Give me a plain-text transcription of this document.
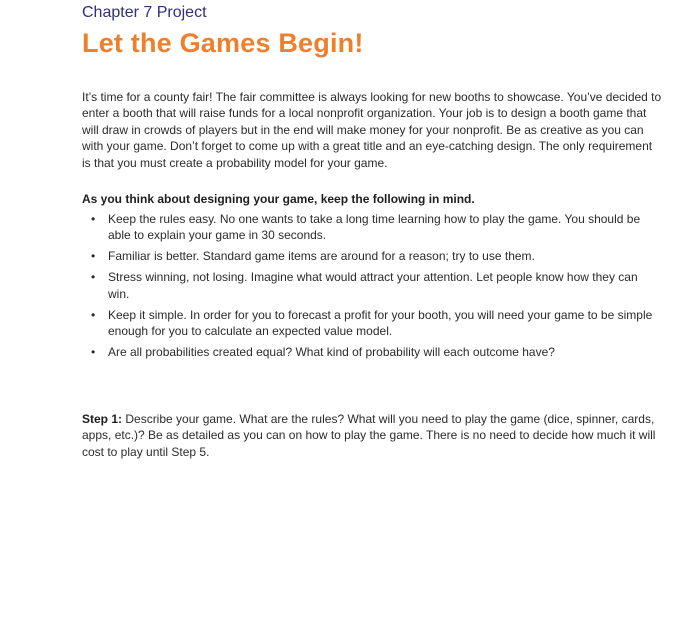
Chapter 7 Project
Let the Games Begin!

It’s time for a county fair! The fair committee is always looking for new booths to showcase. You’ve decided to enter a booth that will raise funds for a local nonprofit organization. Your job is to design a booth game that will draw in crowds of players but in the end will make money for your nonprofit. Be as creative as you can with your game. Don’t forget to come up with a great title and an eye-catching design. The only requirement is that you must create a probability model for your game.

As you think about designing your game, keep the following in mind.

• Keep the rules easy. No one wants to take a long time learning how to play the game. You should be able to explain your game in 30 seconds.
• Familiar is better. Standard game items are around for a reason; try to use them.
• Stress winning, not losing. Imagine what would attract your attention. Let people know how they can win.
• Keep it simple. In order for you to forecast a profit for your booth, you will need your game to be simple enough for you to calculate an expected value model.
• Are all probabilities created equal? What kind of probability will each outcome have?

Step 1: Describe your game. What are the rules? What will you need to play the game (dice, spinner, cards, apps, etc.)? Be as detailed as you can on how to play the game. There is no need to decide how much it will cost to play until Step 5.
